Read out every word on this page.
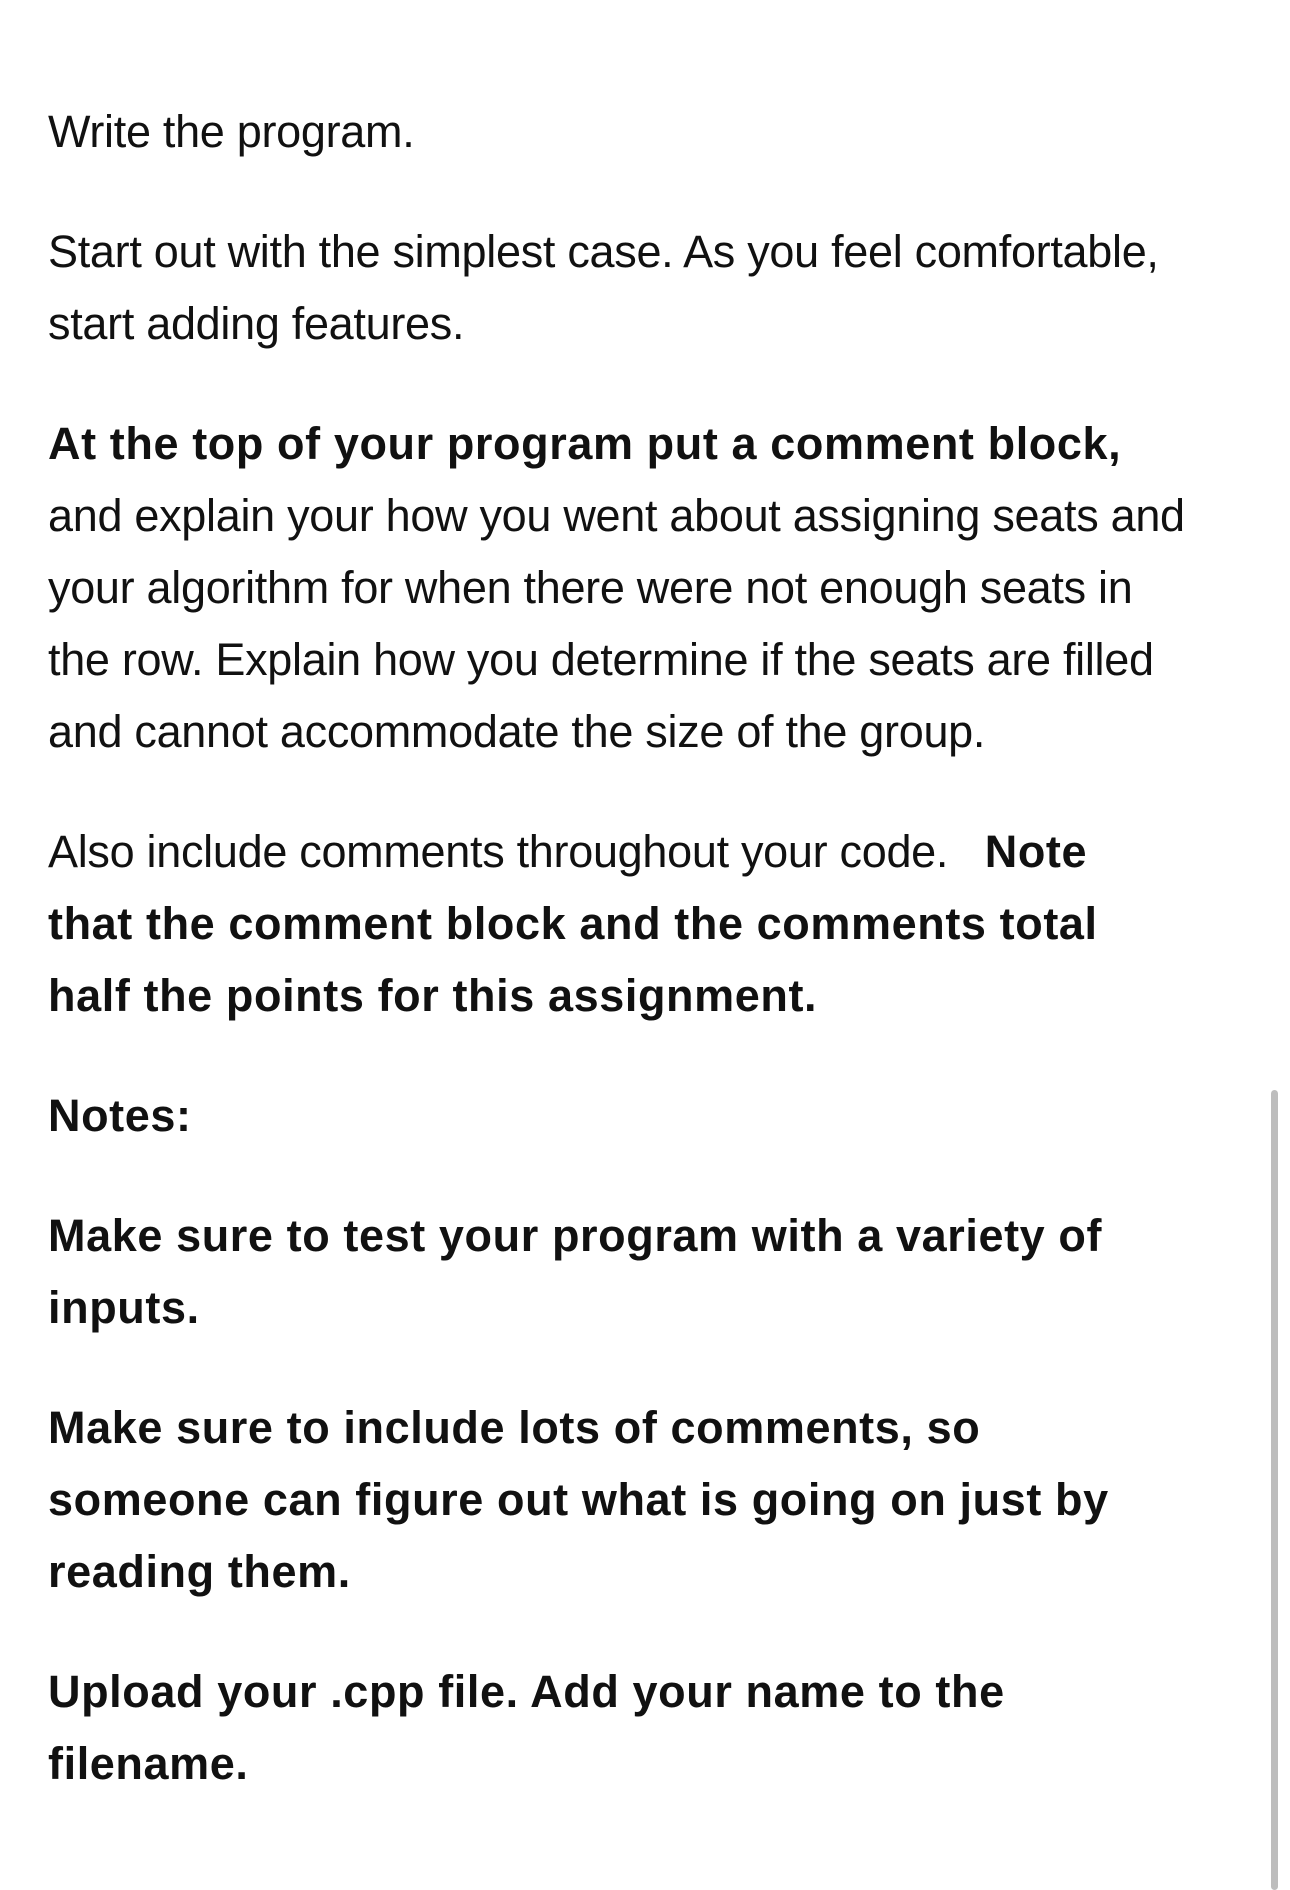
Write the program.

Start out with the simplest case. As you feel comfortable,
start adding features.

At the top of your program put a comment block,
and explain your how you went about assigning seats and
your algorithm for when there were not enough seats in
the row. Explain how you determine if the seats are filled
and cannot accommodate the size of the group.

Also include comments throughout your code.   Note
that the comment block and the comments total
half the points for this assignment.

Notes:

Make sure to test your program with a variety of
inputs.

Make sure to include lots of comments, so
someone can figure out what is going on just by
reading them.

Upload your .cpp file. Add your name to the
filename.
